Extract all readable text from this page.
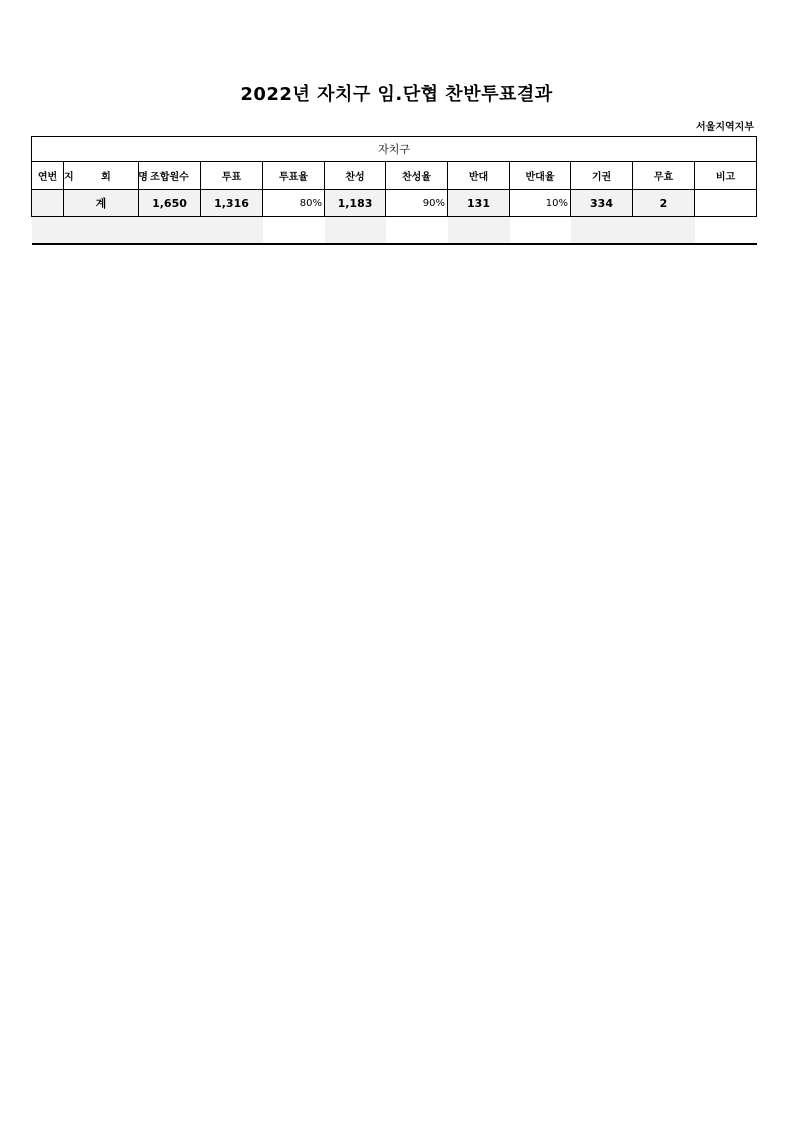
2022년 자치구 임.단협 찬반투표결과
서울지역지부
자치구											
연번	지 회 명	조합원수	투표	투표율	찬성	찬성율	반대	반대율	기권	무효	비고
	계	1,650	1,316	80%	1,183	90%	131	10%	334	2	
